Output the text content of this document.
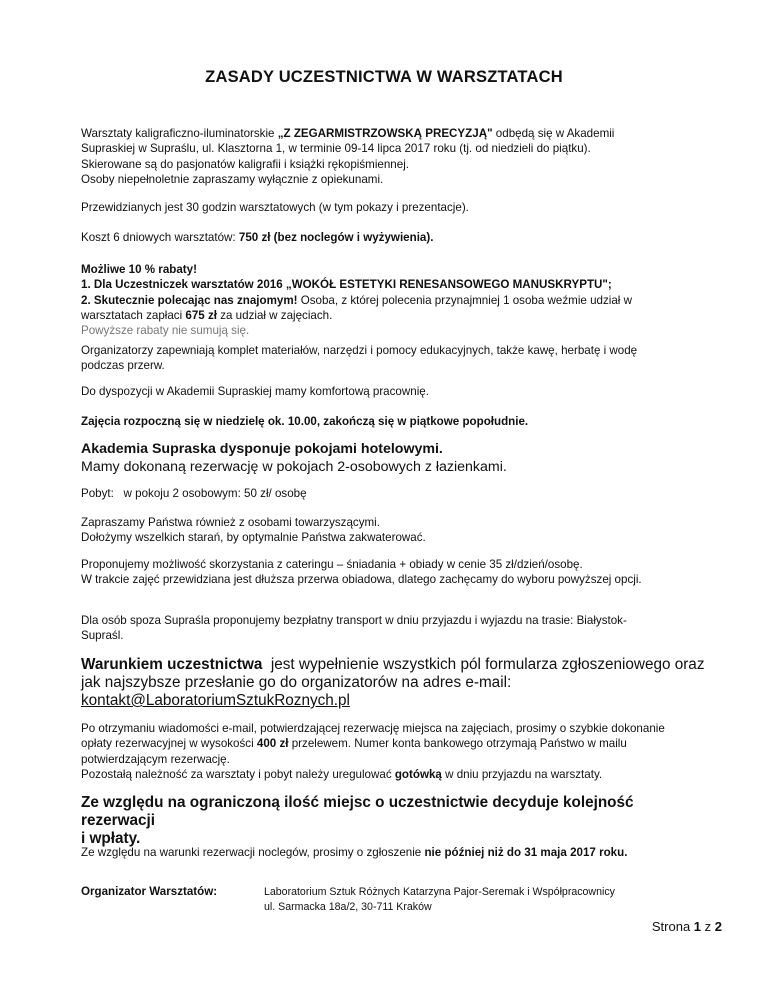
ZASADY UCZESTNICTWA W WARSZTATACH

Warsztaty kaligraficzno-iluminatorskie „Z ZEGARMISTRZOWSKĄ PRECYZJĄ" odbędą się w Akademii

Supraskiej w Supraślu, ul. Klasztorna 1, w terminie 09-14 lipca 2017 roku (tj. od niedzieli do piątku).

Skierowane są do pasjonatów kaligrafii i książki rękopiśmiennej.

Osoby niepełnoletnie zapraszamy wyłącznie z opiekunami.

Przewidzianych jest 30 godzin warsztatowych (w tym pokazy i prezentacje).

Koszt 6 dniowych warsztatów: 750 zł (bez noclegów i wyżywienia).

Możliwe 10 % rabaty!

1. Dla Uczestniczek warsztatów 2016 „WOKÓŁ ESTETYKI RENESANSOWEGO MANUSKRYPTU";

2. Skutecznie polecając nas znajomym! Osoba, z której polecenia przynajmniej 1 osoba weźmie udział w

warsztatach zapłaci 675 zł za udział w zajęciach.

Powyższe rabaty nie sumują się.

Organizatorzy zapewniają komplet materiałów, narzędzi i pomocy edukacyjnych, także kawę, herbatę i wodę

podczas przerw.

Do dyspozycji w Akademii Supraskiej mamy komfortową pracownię.

Zajęcia rozpoczną się w niedzielę ok. 10.00, zakończą się w piątkowe popołudnie.

Akademia Supraska dysponuje pokojami hotelowymi.

Mamy dokonaną rezerwację w pokojach 2-osobowych z łazienkami.

Pobyt:   w pokoju 2 osobowym: 50 zł/ osobę

Zapraszamy Państwa również z osobami towarzyszącymi.

Dołożymy wszelkich starań, by optymalnie Państwa zakwaterować.

Proponujemy możliwość skorzystania z cateringu – śniadania + obiady w cenie 35 zł/dzień/osobę.

W trakcie zajęć przewidziana jest dłuższa przerwa obiadowa, dlatego zachęcamy do wyboru powyższej opcji.

Dla osób spoza Supraśla proponujemy bezpłatny transport w dniu przyjazdu i wyjazdu na trasie: Białystok-

Supraśl.

Warunkiem uczestnictwa  jest wypełnienie wszystkich pól formularza zgłoszeniowego oraz

jak najszybsze przesłanie go do organizatorów na adres e-mail:

kontakt@LaboratoriumSztukRoznych.pl

Po otrzymaniu wiadomości e-mail, potwierdzającej rezerwację miejsca na zajęciach, prosimy o szybkie dokonanie

opłaty rezerwacyjnej w wysokości 400 zł przelewem. Numer konta bankowego otrzymają Państwo w mailu

potwierdzającym rezerwację.

Pozostałą należność za warsztaty i pobyt należy uregulować gotówką w dniu przyjazdu na warsztaty.

Ze względu na ograniczoną ilość miejsc o uczestnictwie decyduje kolejność rezerwacji

i wpłaty.

Ze względu na warunki rezerwacji noclegów, prosimy o zgłoszenie nie później niż do 31 maja 2017 roku.

Organizator Warsztatów:	Laboratorium Sztuk Różnych Katarzyna Pajor-Seremak i Współpracownicy

ul. Sarmacka 18a/2, 30-711 Kraków

Strona 1 z 2
